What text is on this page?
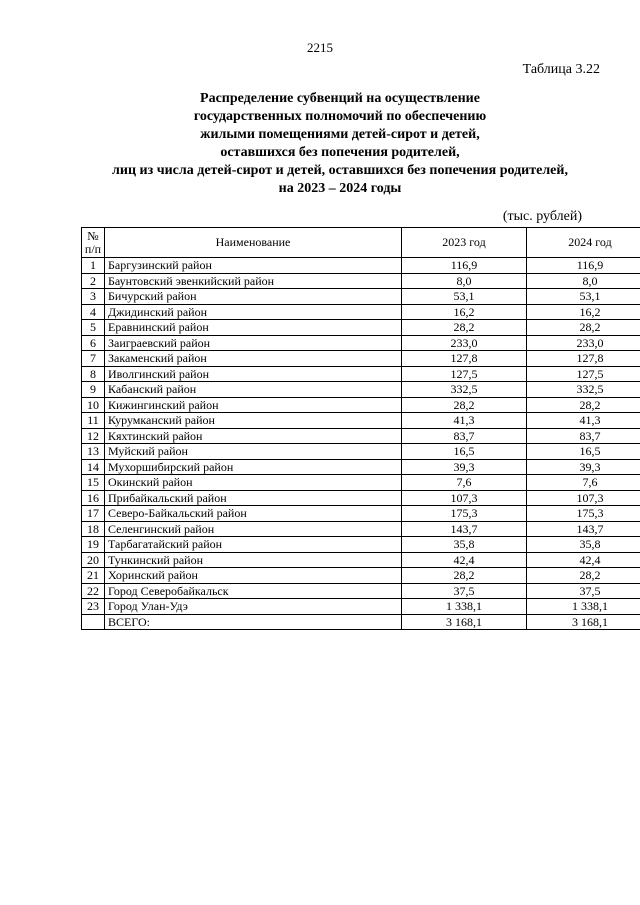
2215
Таблица 3.22
Распределение субвенций на осуществление
государственных полномочий по обеспечению
жилыми помещениями детей-сирот и детей,
оставшихся без попечения родителей,
лиц из числа детей-сирот и детей, оставшихся без попечения родителей,
на 2023 – 2024 годы
(тыс. рублей)
№
п/п	Наименование	2023 год	2024 год
1	Баргузинский район	116,9	116,9
2	Баунтовский эвенкийский район	8,0	8,0
3	Бичурский район	53,1	53,1
4	Джидинский район	16,2	16,2
5	Еравнинский район	28,2	28,2
6	Заиграевский район	233,0	233,0
7	Закаменский район	127,8	127,8
8	Иволгинский район	127,5	127,5
9	Кабанский район	332,5	332,5
10	Кижингинский район	28,2	28,2
11	Курумканский район	41,3	41,3
12	Кяхтинский район	83,7	83,7
13	Муйский район	16,5	16,5
14	Мухоршибирский район	39,3	39,3
15	Окинский район	7,6	7,6
16	Прибайкальский район	107,3	107,3
17	Северо-Байкальский район	175,3	175,3
18	Селенгинский район	143,7	143,7
19	Тарбагатайский район	35,8	35,8
20	Тункинский район	42,4	42,4
21	Хоринский район	28,2	28,2
22	Город Северобайкальск	37,5	37,5
23	Город Улан-Удэ	1 338,1	1 338,1
	ВСЕГО:	3 168,1	3 168,1
